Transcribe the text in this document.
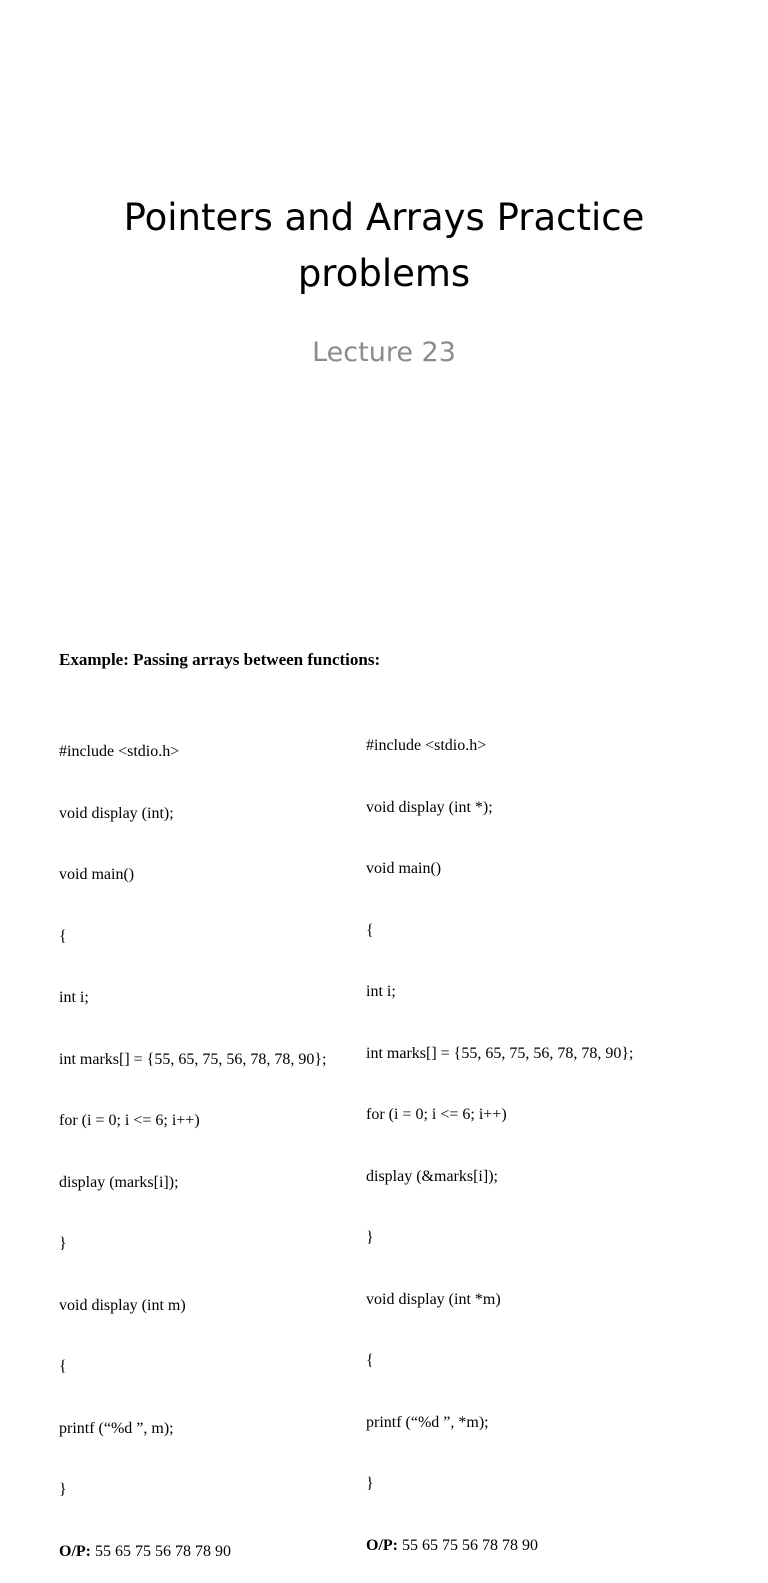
Pointers and Arrays Practice
problems
Lecture 23
Example: Passing arrays between functions:

#include <stdio.h>

void display (int);

void main()

{

int i;

int marks[] = {55, 65, 75, 56, 78, 78, 90};

for (i = 0; i <= 6; i++)

display (marks[i]);

}

void display (int m)

{

printf (“%d ”, m);

}

O/P: 55 65 75 56 78 78 90

#include <stdio.h>

void display (int *);

void main()

{

int i;

int marks[] = {55, 65, 75, 56, 78, 78, 90};

for (i = 0; i <= 6; i++)

display (&marks[i]);

}

void display (int *m)

{

printf (“%d ”, *m);

}

O/P: 55 65 75 56 78 78 90
